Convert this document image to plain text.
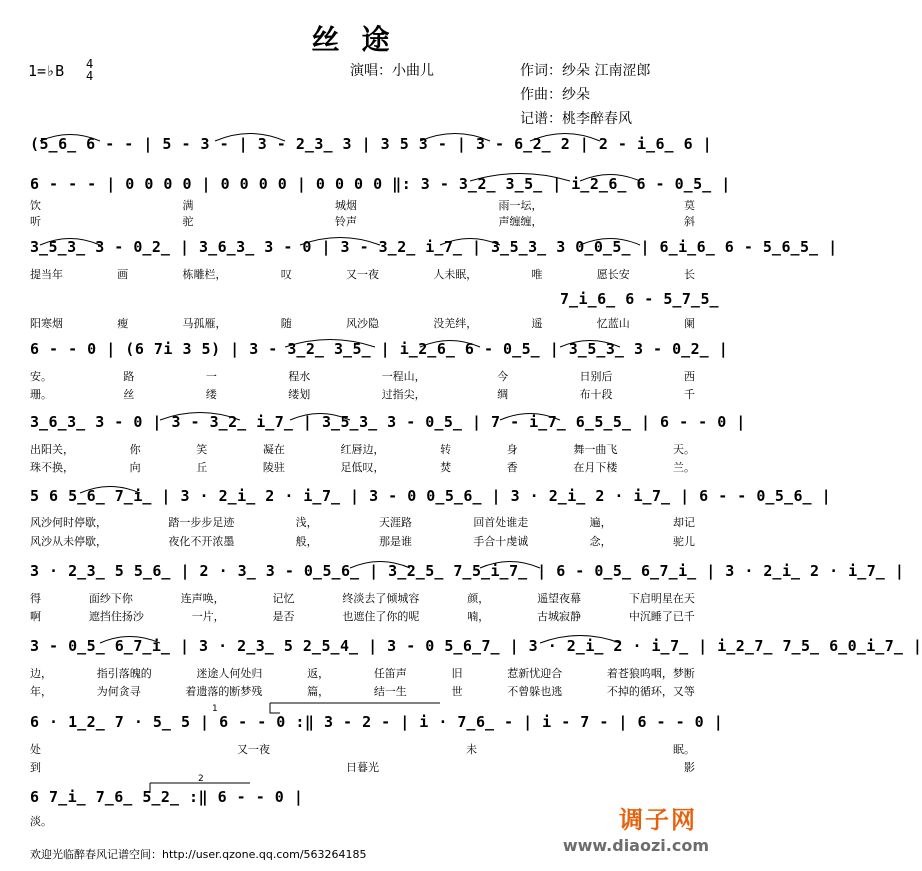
丝途
1=♭B 4
4	演唱：小曲儿	作词：纱朵 江南涩郎
作曲：纱朵
记谱：桃李醉春风
(5̲6̲ 6 - - | 5 - 3 - | 3 - 2̲3̲ 3 | 3 5 3 - | 3 - 6̲2̲ 2 | 2 - i̲6̲ 6 |
6 - - - | 0 0 0 0 | 0 0 0 0 | 0 0 0 0 ‖: 3 - 3̲2̲ 3̲5̲ | i̲2̲6̲ 6 - 0̲5̲ |
饮	满	城烟	雨一坛，	莫
听	驼	铃声	声缠缠，	斜
3̲5̲3̲ 3 - 0̲2̲ | 3̲6̲3̲ 3 - 0 | 3 - 3̲2̲ i̲7̲ | 3̲5̲3̲ 3 0̲0̲5̲ | 6̲i̲6̲ 6 - 5̲6̲5̲ |
提当年	画	栋雕栏，	叹	又一夜	人未眠，	唯	愿长安	长
7̲i̲6̲ 6 - 5̲7̲5̲
阳寒烟	瘦	马孤雁，	随	风沙隐	没羌绊，	遥	忆蓝山	阑
6 - - 0 | (6 7i 3 5) | 3 - 3̲2̲ 3̲5̲ | i̲2̲6̲ 6 - 0̲5̲ | 3̲5̲3̲ 3 - 0̲2̲ |
安。	路	一	程水	一程山，	今	日别后	西
珊。	丝	缕	缕划	过指尖，	绸	布十段	千
3̲6̲3̲ 3 - 0 | 3 - 3̲2̲ i̲7̲ | 3̲5̲3̲ 3 - 0̲5̲ | 7 - i̲7̲ 6̲5̲5̲ | 6 - - 0 |
出阳关，	你	笑	凝在	红唇边，	转	身	舞一曲飞	天。
珠不换，	向	丘	陵驻	足低叹，	焚	香	在月下楼	兰。
5 6 5̲6̲ 7̲i̲ | 3 · 2̲i̲ 2 · i̲7̲ | 3 - 0 0̲5̲6̲ | 3 · 2̲i̲ 2 · i̲7̲ | 6 - - 0̲5̲6̲ |
风沙何时停歇，	踏一步步足迹	浅，	天涯路	回首处谁走	遍，	却记
风沙从未停歇，	夜化不开浓墨	般，	那是谁	手合十虔诚	念，	驼儿
3 · 2̲3̲ 5 5̲6̲ | 2 · 3̲ 3 - 0̲5̲6̲ | 3̲2̲5̲ 7̲5̲i̲7̲ | 6 - 0̲5̲ 6̲7̲i̲ | 3 · 2̲i̲ 2 · i̲7̲ |
得	面纱下你	连声唤，	记忆	终淡去了倾城容	颜，	遥望夜幕	下启明星在天
啊	遮挡住扬沙	一片，	是否	也遮住了你的呢	喃，	古城寂静	中沉睡了已千
3 - 0̲5̲ 6̲7̲i̲ | 3 · 2̲3̲ 5 2̲5̲4̲ | 3 - 0 5̲6̲7̲ | 3 · 2̲i̲ 2 · i̲7̲ | i̲2̲7̲ 7̲5̲ 6̲0̲i̲7̲ |
边，	指引落魄的	迷途人何处归	返，	任笛声	旧	惹新忧迎合	着苍狼呜咽，梦断
年，	为何贪寻	着遗落的断梦残	篇，	结一生	世	不曾躲也逃	不掉的循环，又等
6 · 1̲2̲ 7 · 5̲ 5 | 6 - - 0 :‖ 3 - 2 - | i · 7̲6̲ - | i - 7 - | 6 - - 0 |
处	又一夜	未	眠。
到	日暮光	影
6 7̲i̲ 7̲6̲ 5̲2̲ :‖ 6 - - 0 |
淡。
1
2
欢迎光临醉春风记谱空间：http://user.qzone.qq.com/563264185
调子网
www.diaozi.com
